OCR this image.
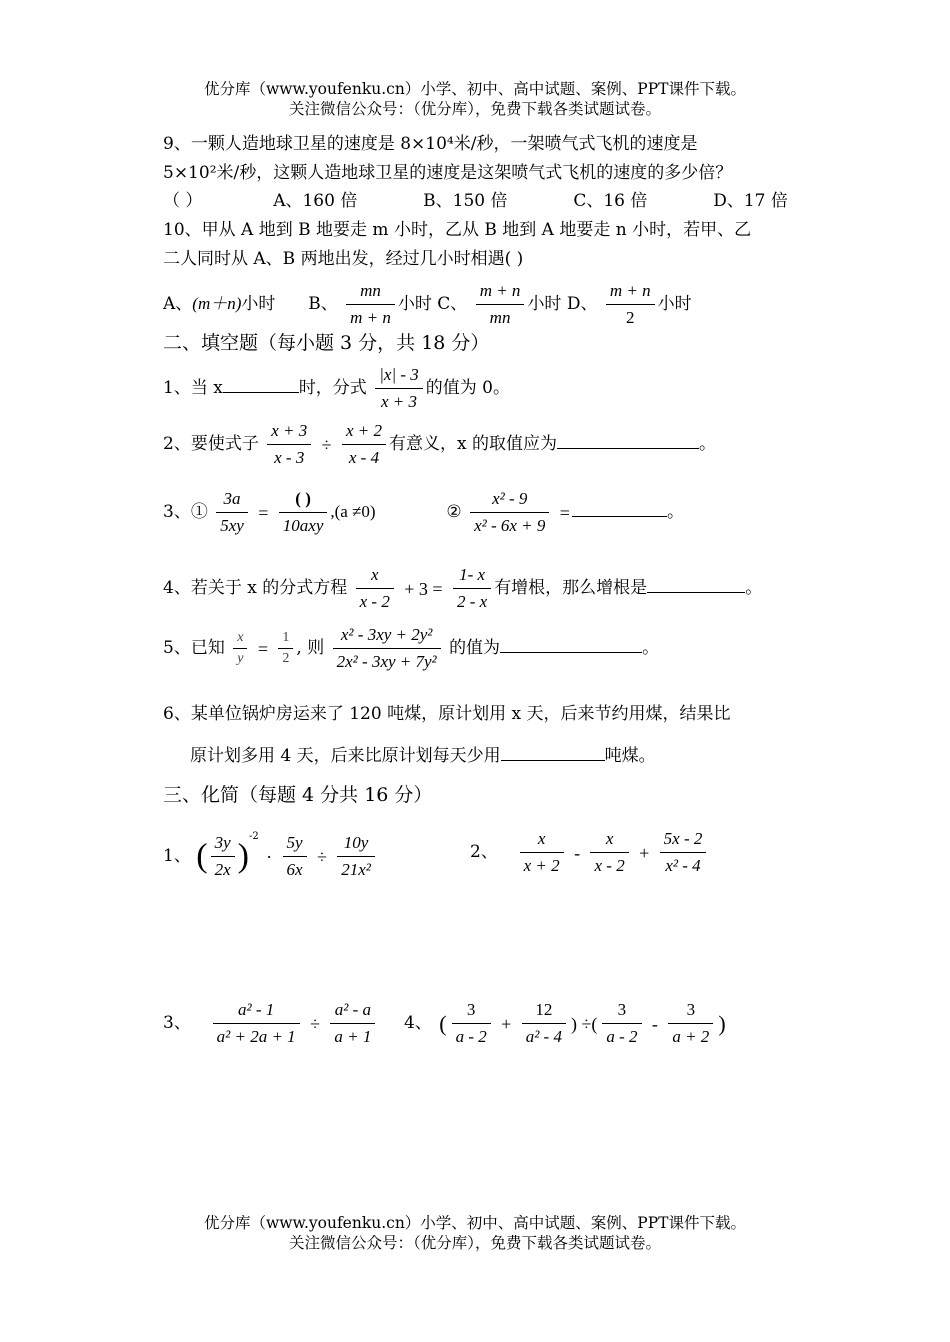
优分库（www.youfenku.cn）小学、初中、高中试题、案例、PPT课件下载。
关注微信公众号：（优分库），免费下载各类试题试卷。
9、一颗人造地球卫星的速度是 8×10⁴米/秒，一架喷气式飞机的速度是
5×10²米/秒，这颗人造地球卫星的速度是这架喷气式飞机的速度的多少倍？
（ ）	A、160 倍	B、150 倍	C、16 倍	D、17 倍
10、甲从 A 地到 B 地要走 m 小时，乙从 B 地到 A 地要走 n 小时，若甲、乙
二人同时从 A、B 两地出发，经过几小时相遇( )
A、(m＋n)小时 B、 $\frac{mn}{m + n}$ 小时 C、 $\frac{m + n}{mn}$ 小时 D、 $\frac{m + n}{2}$ 小时
二、填空题（每小题 3 分，共 18 分）
1、当 x	时，分式 $\frac{|x| - 3}{x + 3}$ 的值为 0。
2、要使式子 $\frac{x + 3}{x - 3} \div \frac{x + 2}{x - 4}$ 有意义，x 的取值应为	。
3、① $\frac{3a}{5xy} = \frac{( )}{\text{10axy}} ,(a \ne 0)$	② $\frac{\text{x² - 9}}{\text{x² - 6x + 9}}$ =	。
4、若关于 x 的分式方程 $\frac{x}{x - 2} + 3 = \frac{1- x}{2 - x}$ 有增根，那么增根是	。
5、已知 $\frac{x}{y} = \frac{1}{2}$ , 则 $\frac{\text{x² - 3xy + 2y²}}{\text{2x² - 3xy + 7y²}}$ 的值为	。
6、某单位锅炉房运来了 120 吨煤，原计划用 x 天，后来节约用煤，结果比
原计划多用 4 天，后来比原计划每天少用	吨煤。
三、化简（每题 4 分共 16 分）
1、 ( $\frac{3y}{2x} )^{-2} \cdot \frac{5y}{6x} \div \frac{10y}{\text{21x²}}$	2、 $\frac{x}{x + 2} - \frac{x}{x - 2} + \frac{5x - 2}{\text{x² - 4}}$
3、 $\frac{\text{a² - 1}}{\text{a² + 2a + 1}} \div \frac{\text{a² - a}}{a + 1} 4$、 ( $\frac{3}{a - 2} + \frac{12}{\text{a² - 4}}$ ) ÷( $\frac{3}{a - 2} - \frac{3}{a + 2}$ )
优分库（www.youfenku.cn）小学、初中、高中试题、案例、PPT课件下载。
关注微信公众号：（优分库），免费下载各类试题试卷。
